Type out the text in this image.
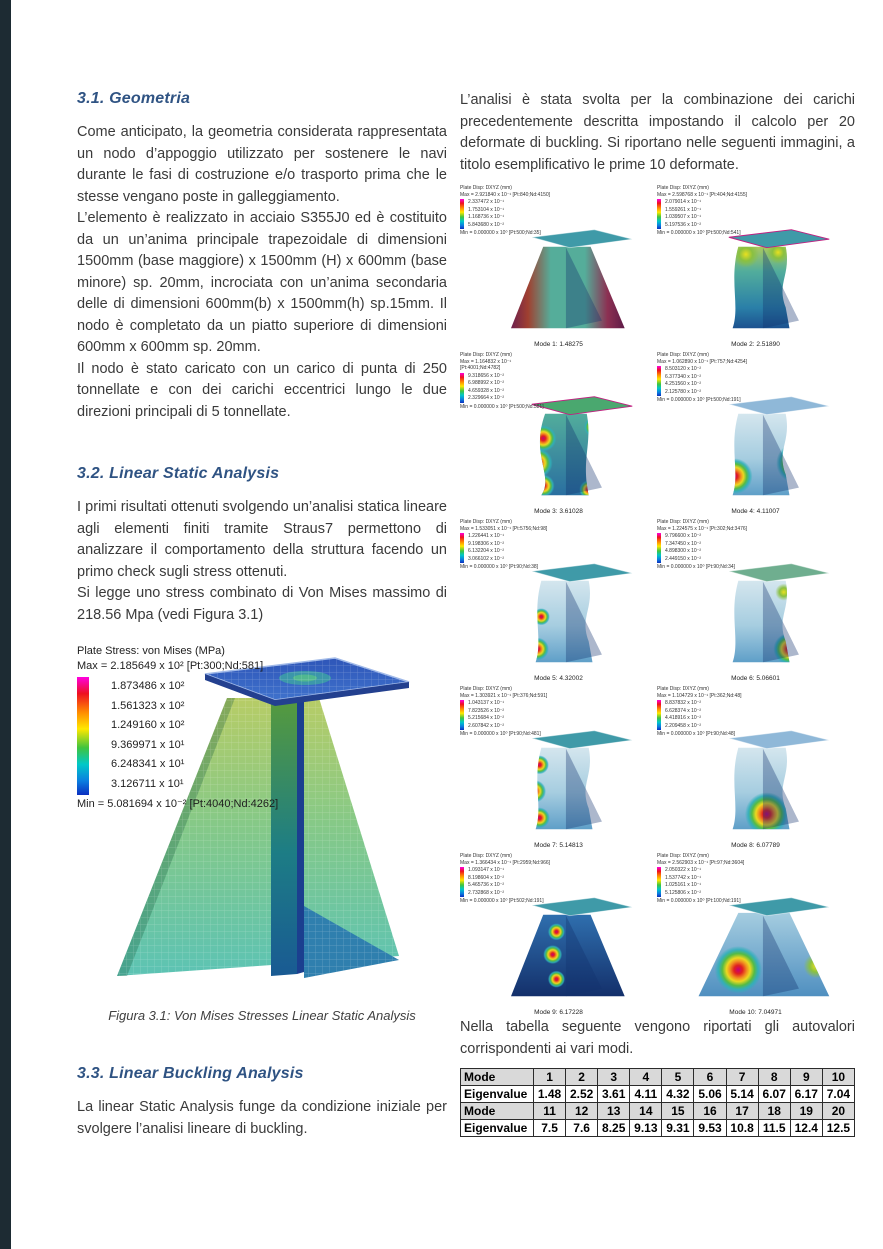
3.1. Geometria

Come anticipato, la geometria considerata rappresentata un nodo d’appoggio utilizzato per sostenere le navi durante le fasi di costruzione e/o trasporto prima che le stesse vengano poste in galleggiamento.

L’elemento è realizzato in acciaio S355J0 ed è costituito da un un’anima principale trapezoidale di dimensioni 1500mm (base maggiore) x 1500mm (H) x 600mm (base minore) sp. 20mm, incrociata con un’anima secondaria delle di dimensioni 600mm(b) x 1500mm(h) sp.15mm. Il nodo è completato da un piatto superiore di dimensioni 600mm x 600mm sp. 20mm.

Il nodo è stato caricato con un carico di punta di 250 tonnellate e con dei carichi eccentrici lungo le due direzioni principali di 5 tonnellate.

3.2. Linear Static Analysis

I primi risultati ottenuti svolgendo un’analisi statica lineare agli elementi finiti tramite Straus7 permettono di analizzare il comportamento della struttura facendo un primo check sugli stress ottenuti.

Si legge uno stress combinato di Von Mises massimo di 218.56 Mpa (vedi Figura 3.1)

Plate Stress: von Mises (MPa)
Max = 2.185649 x 10² [Pt:300;Nd:581]
1.873486 x 10²
1.561323 x 10²
1.249160 x 10²
9.369971 x 10¹
6.248341 x 10¹
3.126711 x 10¹
Min = 5.081694 x 10⁻² [Pt:4040;Nd:4262]

Figura 3.1: Von Mises Stresses Linear Static Analysis

3.3. Linear Buckling Analysis

La linear Static Analysis funge da condizione iniziale per svolgere l’analisi lineare di buckling.

L’analisi è stata svolta per la combinazione dei carichi precedentemente descritta impostando il calcolo per 20 deformate di buckling. Si riportano nelle seguenti immagini, a titolo esemplificativo le prime 10 deformate.

Plate Disp: DXYZ (mm)
Max = 2.921840 x 10⁻¹ [Pt:840;Nd:4150]
2.337472 x 10⁻¹
1.753104 x 10⁻¹
1.168736 x 10⁻¹
5.843680 x 10⁻²
Min = 0.000000 x 10⁰ [Pt:500;Nd:35]
Mode 1: 1.48275
Plate Disp: DXYZ (mm)
Max = 2.598768 x 10⁻¹ [Pt:404;Nd:4155]
2.079014 x 10⁻¹
1.559261 x 10⁻¹
1.039507 x 10⁻¹
5.197536 x 10⁻²
Min = 0.000000 x 10⁰ [Pt:500;Nd:541]
Mode 2: 2.51890
Plate Disp: DXYZ (mm)
Max = 1.164832 x 10⁻¹ [Pt:4001;Nd:4782]
9.318656 x 10⁻²
6.988992 x 10⁻²
4.659328 x 10⁻²
2.329664 x 10⁻²
Min = 0.000000 x 10⁰ [Pt:500;Nd:581]
Mode 3: 3.61028
Plate Disp: DXYZ (mm)
Max = 1.062890 x 10⁻¹ [Pt:757;Nd:4254]
8.503120 x 10⁻²
6.377340 x 10⁻²
4.251560 x 10⁻²
2.125780 x 10⁻²
Min = 0.000000 x 10⁰ [Pt:500;Nd:191]
Mode 4: 4.11007
Plate Disp: DXYZ (mm)
Max = 1.533051 x 10⁻¹ [Pt:5756;Nd:98]
1.226441 x 10⁻¹
9.198306 x 10⁻²
6.132204 x 10⁻²
3.066102 x 10⁻²
Min = 0.000000 x 10⁰ [Pt:90;Nd:38]
Mode 5: 4.32002
Plate Disp: DXYZ (mm)
Max = 1.224575 x 10⁻¹ [Pt:302;Nd:3476]
9.796600 x 10⁻²
7.347450 x 10⁻²
4.898300 x 10⁻²
2.449150 x 10⁻²
Min = 0.000000 x 10⁰ [Pt:90;Nd:34]
Mode 6: 5.06601
Plate Disp: DXYZ (mm)
Max = 1.303921 x 10⁻¹ [Pt:376;Nd:591]
1.043137 x 10⁻¹
7.823526 x 10⁻²
5.215684 x 10⁻²
2.607842 x 10⁻²
Min = 0.000000 x 10⁰ [Pt:90;Nd:481]
Mode 7: 5.14813
Plate Disp: DXYZ (mm)
Max = 1.104729 x 10⁻¹ [Pt:362;Nd:48]
8.837832 x 10⁻²
6.628374 x 10⁻²
4.418916 x 10⁻²
2.209458 x 10⁻²
Min = 0.000000 x 10⁰ [Pt:90;Nd:48]
Mode 8: 6.07789
Plate Disp: DXYZ (mm)
Max = 1.366434 x 10⁻¹ [Pt:2959;Nd:966]
1.093147 x 10⁻¹
8.198604 x 10⁻²
5.465736 x 10⁻²
2.732868 x 10⁻²
Min = 0.000000 x 10⁰ [Pt:502;Nd:191]
Mode 9: 6.17228
Plate Disp: DXYZ (mm)
Max = 2.562903 x 10⁻¹ [Pt:97;Nd:3604]
2.050322 x 10⁻¹
1.537742 x 10⁻¹
1.025161 x 10⁻¹
5.125806 x 10⁻²
Min = 0.000000 x 10⁰ [Pt:100;Nd:191]
Mode 10: 7.04971

Nella tabella seguente vengono riportati gli autovalori corrispondenti ai vari modi.

Mode	1	2	3	4	5	6	7	8	9	10
Eigenvalue	1.48	2.52	3.61	4.11	4.32	5.06	5.14	6.07	6.17	7.04
Mode	11	12	13	14	15	16	17	18	19	20
Eigenvalue	7.5	7.6	8.25	9.13	9.31	9.53	10.8	11.5	12.4	12.5
